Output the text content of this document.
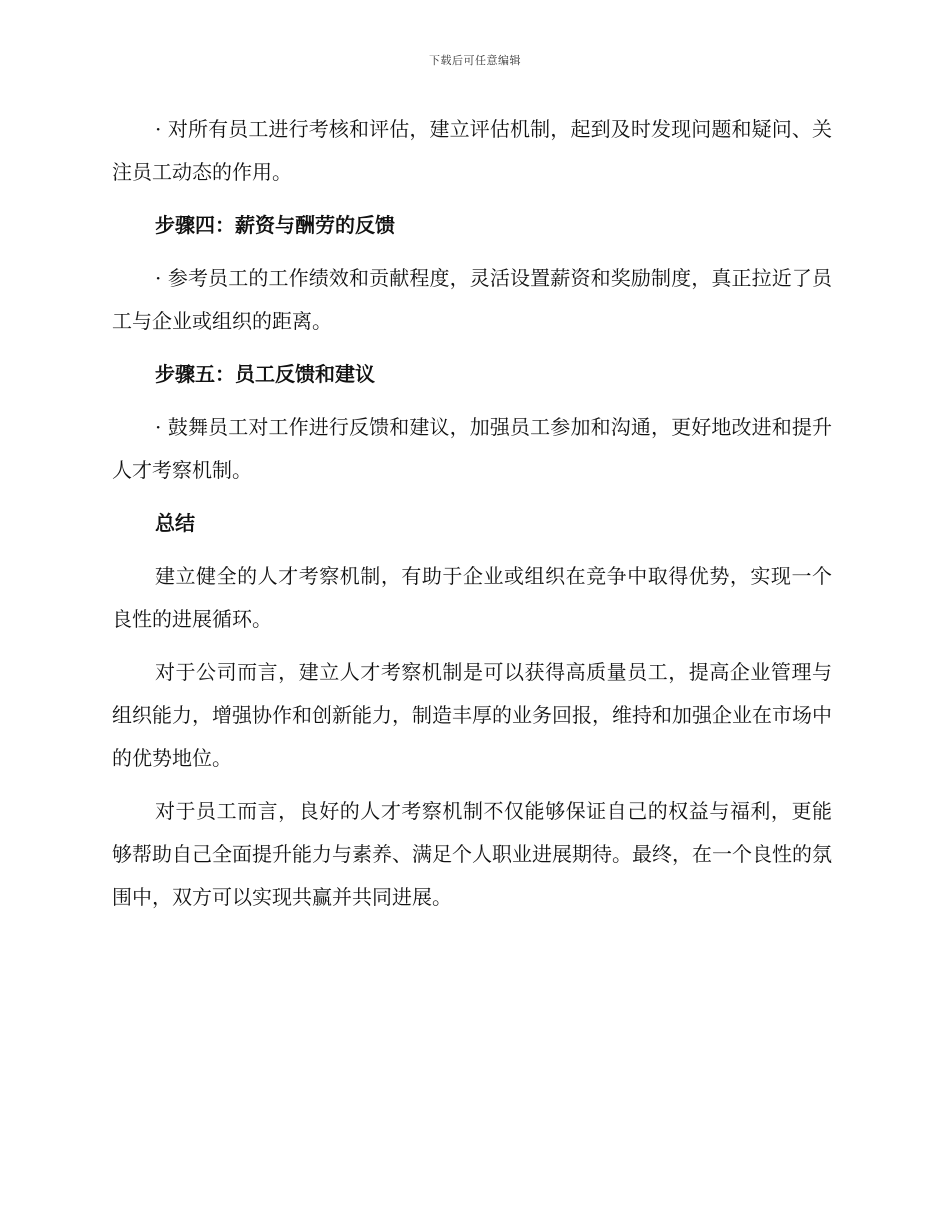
下载后可任意编辑

· 对所有员工进行考核和评估，建立评估机制，起到及时发现问题和疑问、关注员工动态的作用。

步骤四：薪资与酬劳的反馈

· 参考员工的工作绩效和贡献程度，灵活设置薪资和奖励制度，真正拉近了员工与企业或组织的距离。

步骤五：员工反馈和建议

· 鼓舞员工对工作进行反馈和建议，加强员工参加和沟通，更好地改进和提升人才考察机制。

总结

建立健全的人才考察机制，有助于企业或组织在竞争中取得优势，实现一个良性的进展循环。

对于公司而言，建立人才考察机制是可以获得高质量员工，提高企业管理与组织能力，增强协作和创新能力，制造丰厚的业务回报，维持和加强企业在市场中的优势地位。

对于员工而言，良好的人才考察机制不仅能够保证自己的权益与福利，更能够帮助自己全面提升能力与素养、满足个人职业进展期待。最终，在一个良性的氛围中，双方可以实现共赢并共同进展。
